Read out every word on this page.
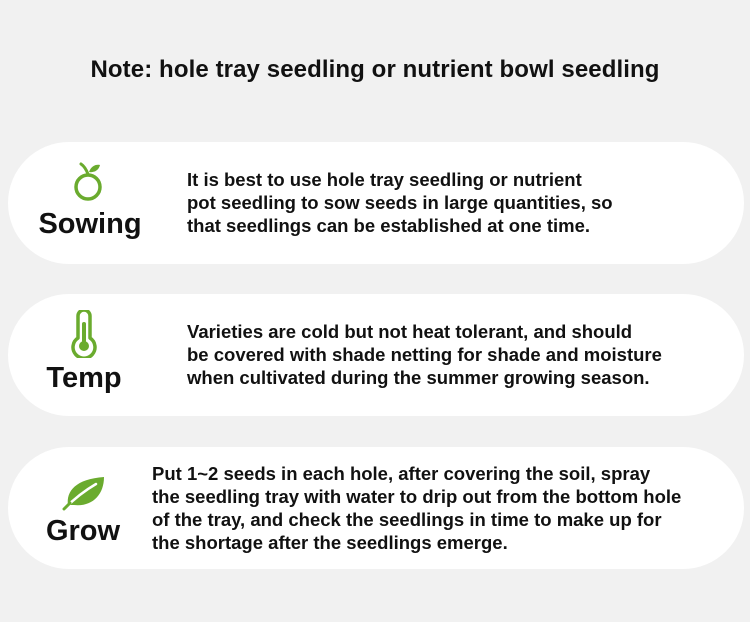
Note: hole tray seedling or nutrient bowl seedling
Sowing
It is best to use hole tray seedling or nutrient
pot seedling to sow seeds in large quantities, so
that seedlings can be established at one time.
Temp
Varieties are cold but not heat tolerant, and should
be covered with shade netting for shade and moisture
when cultivated during the summer growing season.
Grow
Put 1~2 seeds in each hole, after covering the soil, spray
the seedling tray with water to drip out from the bottom hole
of the tray, and check the seedlings in time to make up for
the shortage after the seedlings emerge.
